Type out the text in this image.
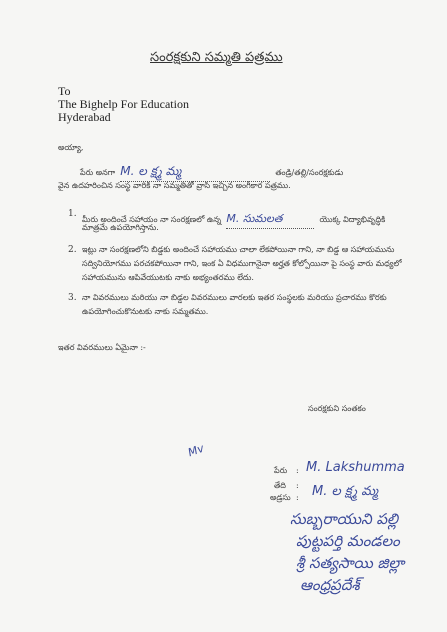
సంరక్షకుని సమ్మతి పత్రము
To
The Bighelp For Education
Hyderabad
అయ్యా,
పేరు అనగా M. ల క్ష్మ మ్మ	తండ్రి/తల్లి/సంరక్షకుడు
వైన ఉదహరించిన సంస్థ వారికి నా సమ్మతితో వ్రాసి ఇచ్చిన అంగీకార పత్రము.
1.
మీరు అందించే సహాయం నా సంరక్షణలో ఉన్న M. సుమలత	యొక్క విద్యాభివృద్ధికి
మాత్రమే ఉపయోగిస్తాను.
2. ఇట్లు నా సంరక్షణలోని బిడ్డకు అందించే సహాయము చాలా లేకపోయినా గాని, నా బిడ్డ ఆ సహాయమును
సద్వినియోగము పరచకపోయినా గాని, ఇంక ఏ విధముగానైనా అర్హత కోల్పోయినా పై సంస్థ వారు మధ్యలో
సహాయమును ఆపివేయుటకు నాకు అభ్యంతరము లేదు.
3. నా వివరములు మరియు నా బిడ్డల వివరములు వారలకు ఇతర సంస్థలకు మరియు ప్రచారము కొరకు
ఉపయోగించుకొనుటకు నాకు సమ్మతము.
ఇతర వివరములు ఏమైనా :-
సంరక్షకుని సంతకం
Mv
పేరు : M. Lakshumma
తేది :
అడ్రసు : M. ల క్ష్మ మ్మ
సుబ్బరాయుని పల్లి
పుట్టపర్తి మండలం
శ్రీ సత్యసాయి జిల్లా
ఆంధ్రప్రదేశ్
